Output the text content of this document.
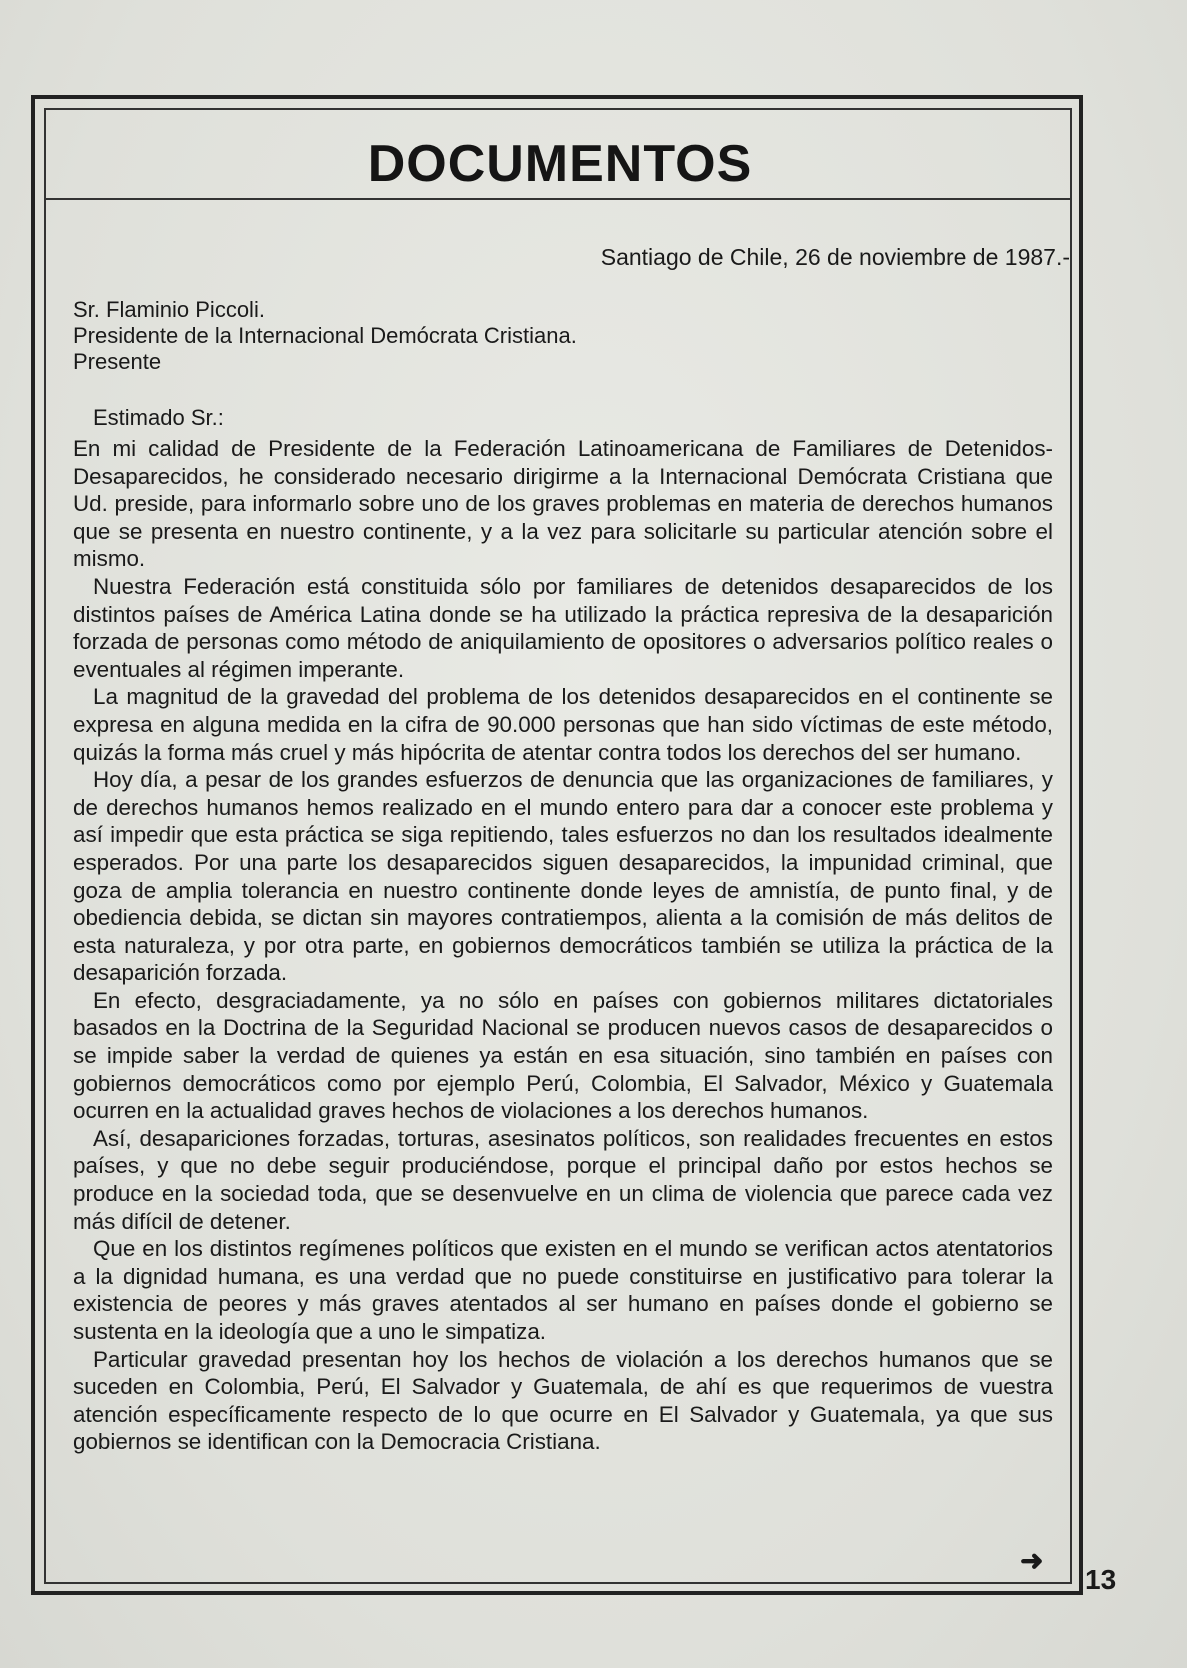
DOCUMENTOS

Santiago de Chile, 26 de noviembre de 1987.-

Sr. Flaminio Piccoli.
Presidente de la Internacional Demócrata Cristiana.
Presente

Estimado Sr.:

En mi calidad de Presidente de la Federación Latinoamericana de Familiares de Detenidos-Desaparecidos, he considerado necesario dirigirme a la Internacional Demócrata Cristiana que Ud. preside, para informarlo sobre uno de los graves problemas en materia de derechos humanos que se presenta en nuestro continente, y a la vez para solicitarle su particular atención sobre el mismo.

Nuestra Federación está constituida sólo por familiares de detenidos desaparecidos de los distintos países de América Latina donde se ha utilizado la práctica represiva de la desaparición forzada de personas como método de aniquilamiento de opositores o adversarios político reales o eventuales al régimen imperante.

La magnitud de la gravedad del problema de los detenidos desaparecidos en el continente se expresa en alguna medida en la cifra de 90.000 personas que han sido víctimas de este método, quizás la forma más cruel y más hipócrita de atentar contra todos los derechos del ser humano.

Hoy día, a pesar de los grandes esfuerzos de denuncia que las organizaciones de familiares, y de derechos humanos hemos realizado en el mundo entero para dar a conocer este problema y así impedir que esta práctica se siga repitiendo, tales esfuerzos no dan los resultados idealmente esperados. Por una parte los desaparecidos siguen desaparecidos, la impunidad criminal, que goza de amplia tolerancia en nuestro continente donde leyes de amnistía, de punto final, y de obediencia debida, se dictan sin mayores contratiempos, alienta a la comisión de más delitos de esta naturaleza, y por otra parte, en gobiernos democráticos también se utiliza la práctica de la desaparición forzada.

En efecto, desgraciadamente, ya no sólo en países con gobiernos militares dictatoriales basados en la Doctrina de la Seguridad Nacional se producen nuevos casos de desaparecidos o se impide saber la verdad de quienes ya están en esa situación, sino también en países con gobiernos democráticos como por ejemplo Perú, Colombia, El Salvador, México y Guatemala ocurren en la actualidad graves hechos de violaciones a los derechos humanos.

Así, desapariciones forzadas, torturas, asesinatos políticos, son realidades frecuentes en estos países, y que no debe seguir produciéndose, porque el principal daño por estos hechos se produce en la sociedad toda, que se desenvuelve en un clima de violencia que parece cada vez más difícil de detener.

Que en los distintos regímenes políticos que existen en el mundo se verifican actos atentatorios a la dignidad humana, es una verdad que no puede constituirse en justificativo para tolerar la existencia de peores y más graves atentados al ser humano en países donde el gobierno se sustenta en la ideología que a uno le simpatiza.

Particular gravedad presentan hoy los hechos de violación a los derechos humanos que se suceden en Colombia, Perú, El Salvador y Guatemala, de ahí es que requerimos de vuestra atención específicamente respecto de lo que ocurre en El Salvador y Guatemala, ya que sus gobiernos se identifican con la Democracia Cristiana.

➜
13
